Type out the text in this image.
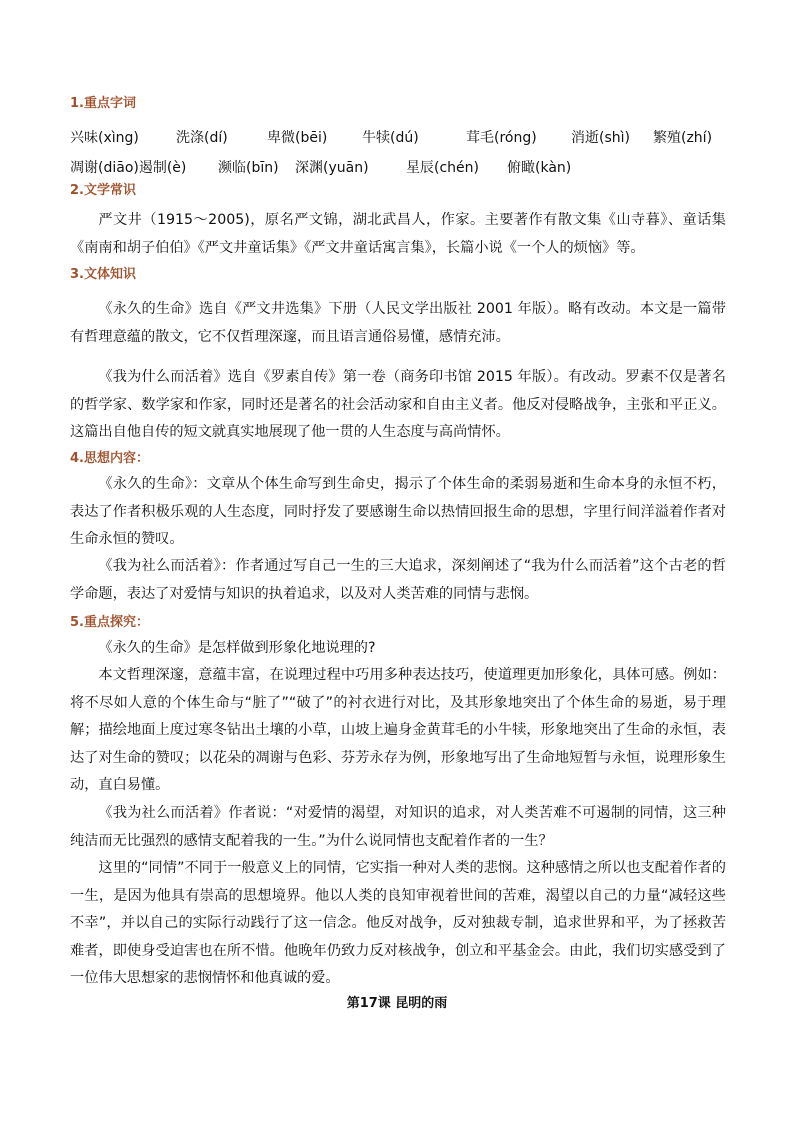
1.重点字词
兴味(xìng)	洗涤(dí)	卑微(bēi) 牛犊(dú)	茸毛(róng) 消逝(shì) 繁殖(zhí)
凋谢(diāo)遏制(è) 濒临(bīn) 深渊(yuān)	星辰(chén) 俯瞰(kàn)
2.文学常识

严文井（1915～2005)，原名严文锦，湖北武昌人，作家。主要著作有散文集《山寺暮》、童话集《南南和胡子伯伯》《严文井童话集》《严文井童话寓言集》，长篇小说《一个人的烦恼》等。

3.文体知识

《永久的生命》选自《严文井选集》下册（人民文学出版社 2001 年版）。略有改动。本文是一篇带有哲理意蕴的散文，它不仅哲理深邃，而且语言通俗易懂，感情充沛。

《我为什么而活着》选自《罗素自传》第一卷（商务印书馆 2015 年版）。有改动。罗素不仅是著名的哲学家、数学家和作家，同时还是著名的社会活动家和自由主义者。他反对侵略战争，主张和平正义。这篇出自他自传的短文就真实地展现了他一贯的人生态度与高尚情怀。

4.思想内容：

《永久的生命》：文章从个体生命写到生命史，揭示了个体生命的柔弱易逝和生命本身的永恒不朽，表达了作者积极乐观的人生态度，同时抒发了要感谢生命以热情回报生命的思想，字里行间洋溢着作者对生命永恒的赞叹。

《我为社么而活着》：作者通过写自己一生的三大追求，深刻阐述了“我为什么而活着”这个古老的哲学命题，表达了对爱情与知识的执着追求，以及对人类苦难的同情与悲悯。

5.重点探究：

《永久的生命》是怎样做到形象化地说理的?

本文哲理深邃，意蕴丰富，在说理过程中巧用多种表达技巧，使道理更加形象化，具体可感。例如：将不尽如人意的个体生命与“脏了”“破了”的衬衣进行对比，及其形象地突出了个体生命的易逝，易于理解；描绘地面上度过寒冬钻出土壤的小草，山坡上遍身金黄茸毛的小牛犊，形象地突出了生命的永恒，表达了对生命的赞叹；以花朵的凋谢与色彩、芬芳永存为例，形象地写出了生命地短暂与永恒，说理形象生动，直白易懂。

《我为社么而活着》作者说：“对爱情的渴望，对知识的追求，对人类苦难不可遏制的同情，这三种纯洁而无比强烈的感情支配着我的一生。”为什么说同情也支配着作者的一生？

这里的“同情”不同于一般意义上的同情，它实指一种对人类的悲悯。这种感情之所以也支配着作者的一生，是因为他具有崇高的思想境界。他以人类的良知审视着世间的苦难，渴望以自己的力量“减轻这些不幸”，并以自己的实际行动践行了这一信念。他反对战争，反对独裁专制，追求世界和平，为了拯救苦难者，即使身受迫害也在所不惜。他晚年仍致力反对核战争，创立和平基金会。由此，我们切实感受到了一位伟大思想家的悲悯情怀和他真诚的爱。

第17课 昆明的雨
